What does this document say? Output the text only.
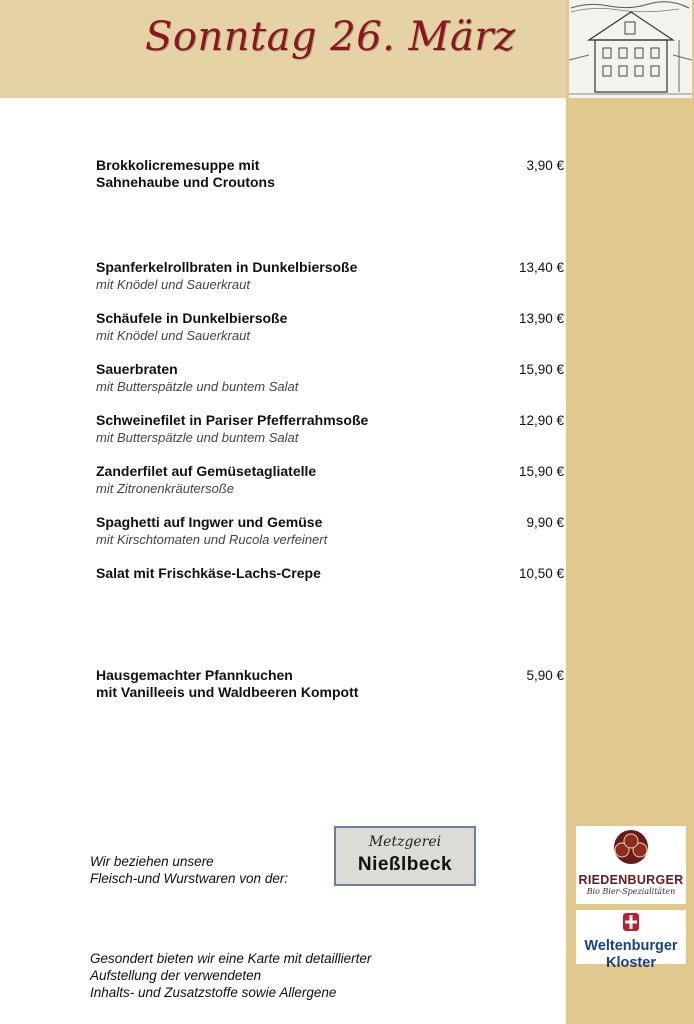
Sonntag 26. März
Brokkolicremesuppe mit
Sahnehaube und Croutons
3,90 €
Spanferkelrollbraten in Dunkelbiersoße
mit Knödel und Sauerkraut
13,40 €
Schäufele in Dunkelbiersoße
mit Knödel und Sauerkraut
13,90 €
Sauerbraten
mit Butterspätzle und buntem Salat
15,90 €
Schweinefilet in Pariser Pfefferrahmsoße
mit Butterspätzle und buntem Salat
12,90 €
Zanderfilet auf Gemüsetagliatelle
mit Zitronenkräutersoße
15,90 €
Spaghetti auf Ingwer und Gemüse
mit Kirschtomaten und Rucola verfeinert
9,90 €
Salat mit Frischkäse-Lachs-Crepe	10,50 €
Hausgemachter Pfannkuchen
mit Vanilleeis und Waldbeeren Kompott
5,90 €
Wir beziehen unsere
Fleisch-und Wurstwaren von der:
Metzgerei
Nießlbeck
Gesondert bieten wir eine Karte mit detaillierter
Aufstellung der verwendeten
Inhalts- und Zusatzstoffe sowie Allergene
RIEDENBURGER
Bio Bier-Spezialitäten
Weltenburger
Kloster
